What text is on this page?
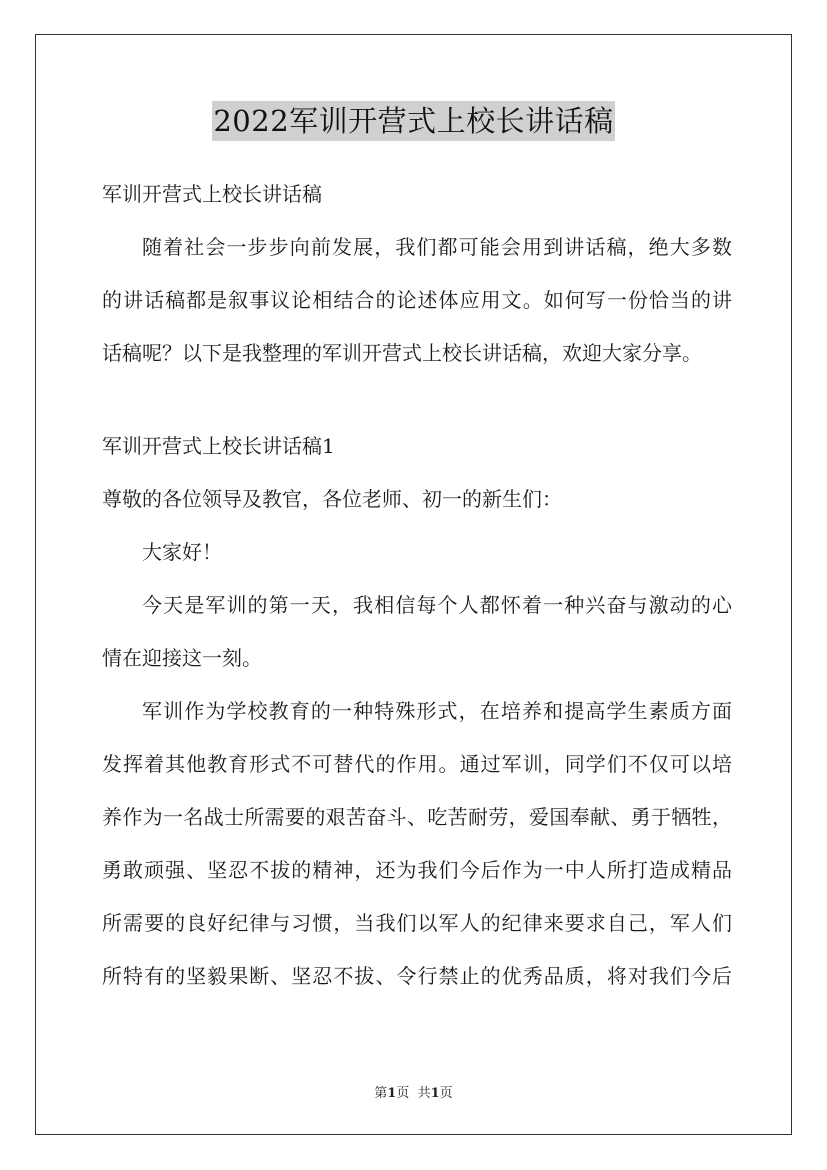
2022军训开营式上校长讲话稿
军训开营式上校长讲话稿
随着社会一步步向前发展，我们都可能会用到讲话稿，绝大多数
的讲话稿都是叙事议论相结合的论述体应用文。如何写一份恰当的讲
话稿呢？以下是我整理的军训开营式上校长讲话稿，欢迎大家分享。
军训开营式上校长讲话稿1
尊敬的各位领导及教官，各位老师、初一的新生们：
大家好！
今天是军训的第一天，我相信每个人都怀着一种兴奋与激动的心
情在迎接这一刻。
军训作为学校教育的一种特殊形式，在培养和提高学生素质方面
发挥着其他教育形式不可替代的作用。通过军训，同学们不仅可以培
养作为一名战士所需要的艰苦奋斗、吃苦耐劳，爱国奉献、勇于牺牲，
勇敢顽强、坚忍不拔的精神，还为我们今后作为一中人所打造成精品
所需要的良好纪律与习惯，当我们以军人的纪律来要求自己，军人们
所特有的坚毅果断、坚忍不拔、令行禁止的优秀品质，将对我们今后
第1页 共1页
